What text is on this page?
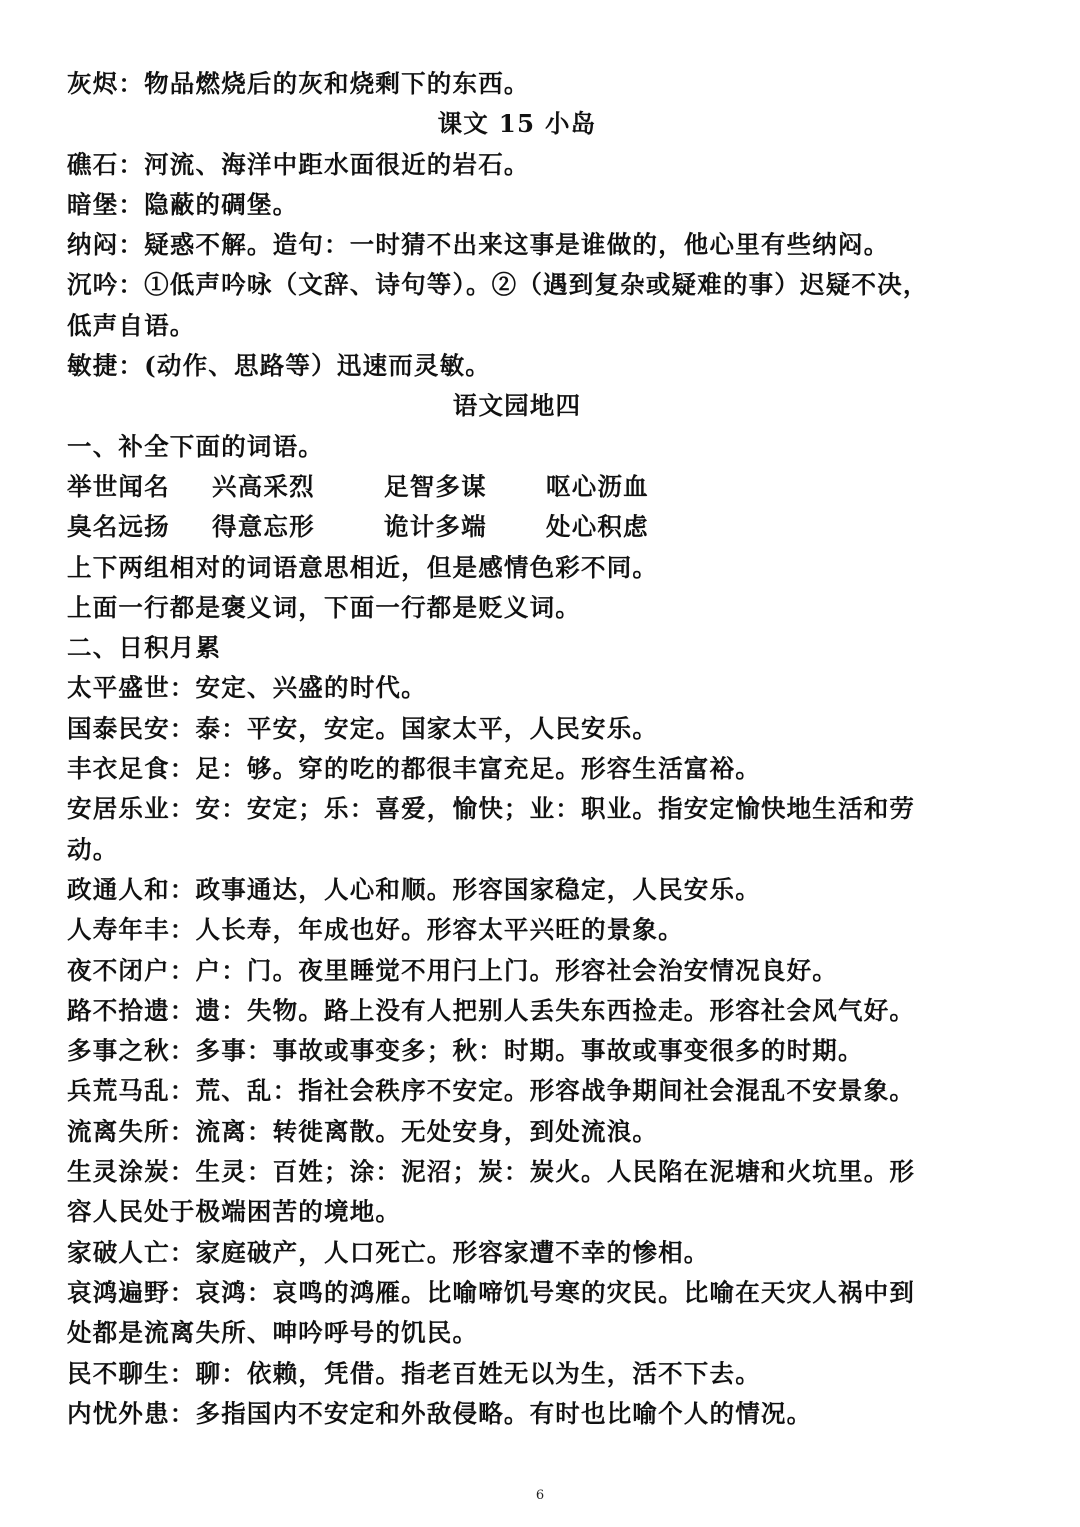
灰烬：物品燃烧后的灰和烧剩下的东西。
课文 15 小岛
礁石：河流、海洋中距水面很近的岩石。
暗堡：隐蔽的碉堡。
纳闷：疑惑不解。造句：一时猜不出来这事是谁做的，他心里有些纳闷。
沉吟：①低声吟咏（文辞、诗句等）。②（遇到复杂或疑难的事）迟疑不决，
低声自语。
敏捷：(动作、思路等）迅速而灵敏。
语文园地四
一、补全下面的词语。
举世闻名	兴高采烈	足智多谋	呕心沥血
臭名远扬	得意忘形	诡计多端	处心积虑
上下两组相对的词语意思相近，但是感情色彩不同。
上面一行都是褒义词，下面一行都是贬义词。
二、日积月累
太平盛世：安定、兴盛的时代。
国泰民安：泰：平安，安定。国家太平，人民安乐。
丰衣足食：足：够。穿的吃的都很丰富充足。形容生活富裕。
安居乐业：安：安定；乐：喜爱，愉快；业：职业。指安定愉快地生活和劳
动。
政通人和：政事通达，人心和顺。形容国家稳定，人民安乐。
人寿年丰：人长寿，年成也好。形容太平兴旺的景象。
夜不闭户：户：门。夜里睡觉不用闩上门。形容社会治安情况良好。
路不拾遗：遗：失物。路上没有人把别人丢失东西捡走。形容社会风气好。
多事之秋：多事：事故或事变多；秋：时期。事故或事变很多的时期。
兵荒马乱：荒、乱：指社会秩序不安定。形容战争期间社会混乱不安景象。
流离失所：流离：转徙离散。无处安身，到处流浪。
生灵涂炭：生灵：百姓；涂：泥沼；炭：炭火。人民陷在泥塘和火坑里。形
容人民处于极端困苦的境地。
家破人亡：家庭破产，人口死亡。形容家遭不幸的惨相。
哀鸿遍野：哀鸿：哀鸣的鸿雁。比喻啼饥号寒的灾民。比喻在天灾人祸中到
处都是流离失所、呻吟呼号的饥民。
民不聊生：聊：依赖，凭借。指老百姓无以为生，活不下去。
内忧外患：多指国内不安定和外敌侵略。有时也比喻个人的情况。
6
